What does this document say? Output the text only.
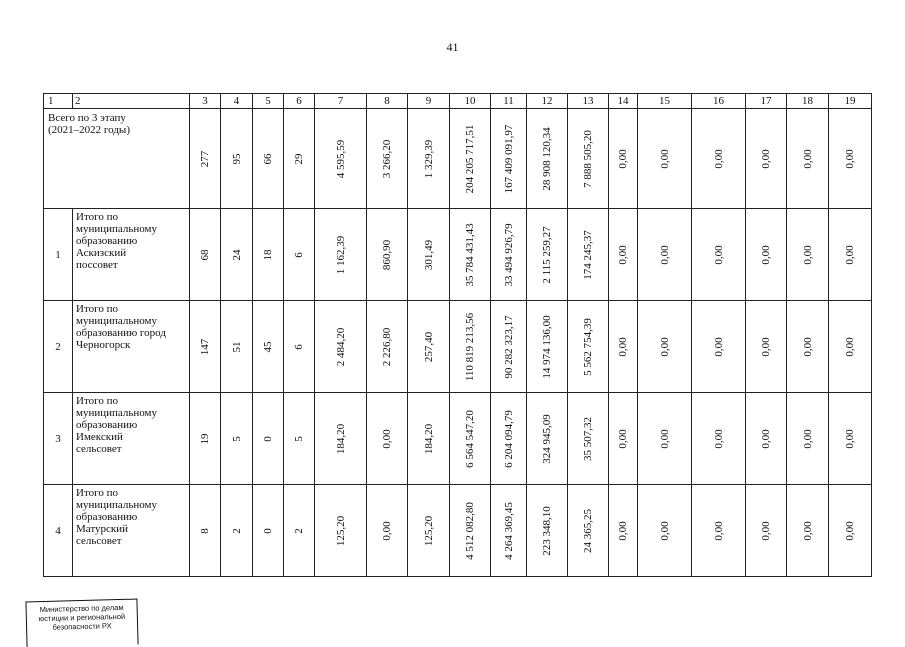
41
1	2	3	4	5	6	7	8	9	10	11	12	13	14	15	16	17	18	19

Всего по 3 этапу
(2021–2022 годы)		277	95	66	29	4 595,59	3 266,20	1 329,39	204 205 717,51	167 409 091,97	28 908 120,34	7 888 505,20	0,00	0,00	0,00	0,00	0,00	0,00

1	Итого по
муниципальному
образованию
Аскизский
поссовет	68	24	18	6	1 162,39	860,90	301,49	35 784 431,43	33 494 926,79	2 115 259,27	174 245,37	0,00	0,00	0,00	0,00	0,00	0,00

2	Итого по
муниципальному
образованию город
Черногорск	147	51	45	6	2 484,20	2 226,80	257,40	110 819 213,56	90 282 323,17	14 974 136,00	5 562 754,39	0,00	0,00	0,00	0,00	0,00	0,00

3	Итого по
муниципальному
образованию
Имекский
сельсовет	19	5	0	5	184,20	0,00	184,20	6 564 547,20	6 204 094,79	324 945,09	35 507,32	0,00	0,00	0,00	0,00	0,00	0,00

4	Итого по
муниципальному
образованию
Матурский
сельсовет	8	2	0	2	125,20	0,00	125,20	4 512 082,80	4 264 369,45	223 348,10	24 365,25	0,00	0,00	0,00	0,00	0,00	0,00
Министерство по делам
юстиции и региональной
безопасности РХ
